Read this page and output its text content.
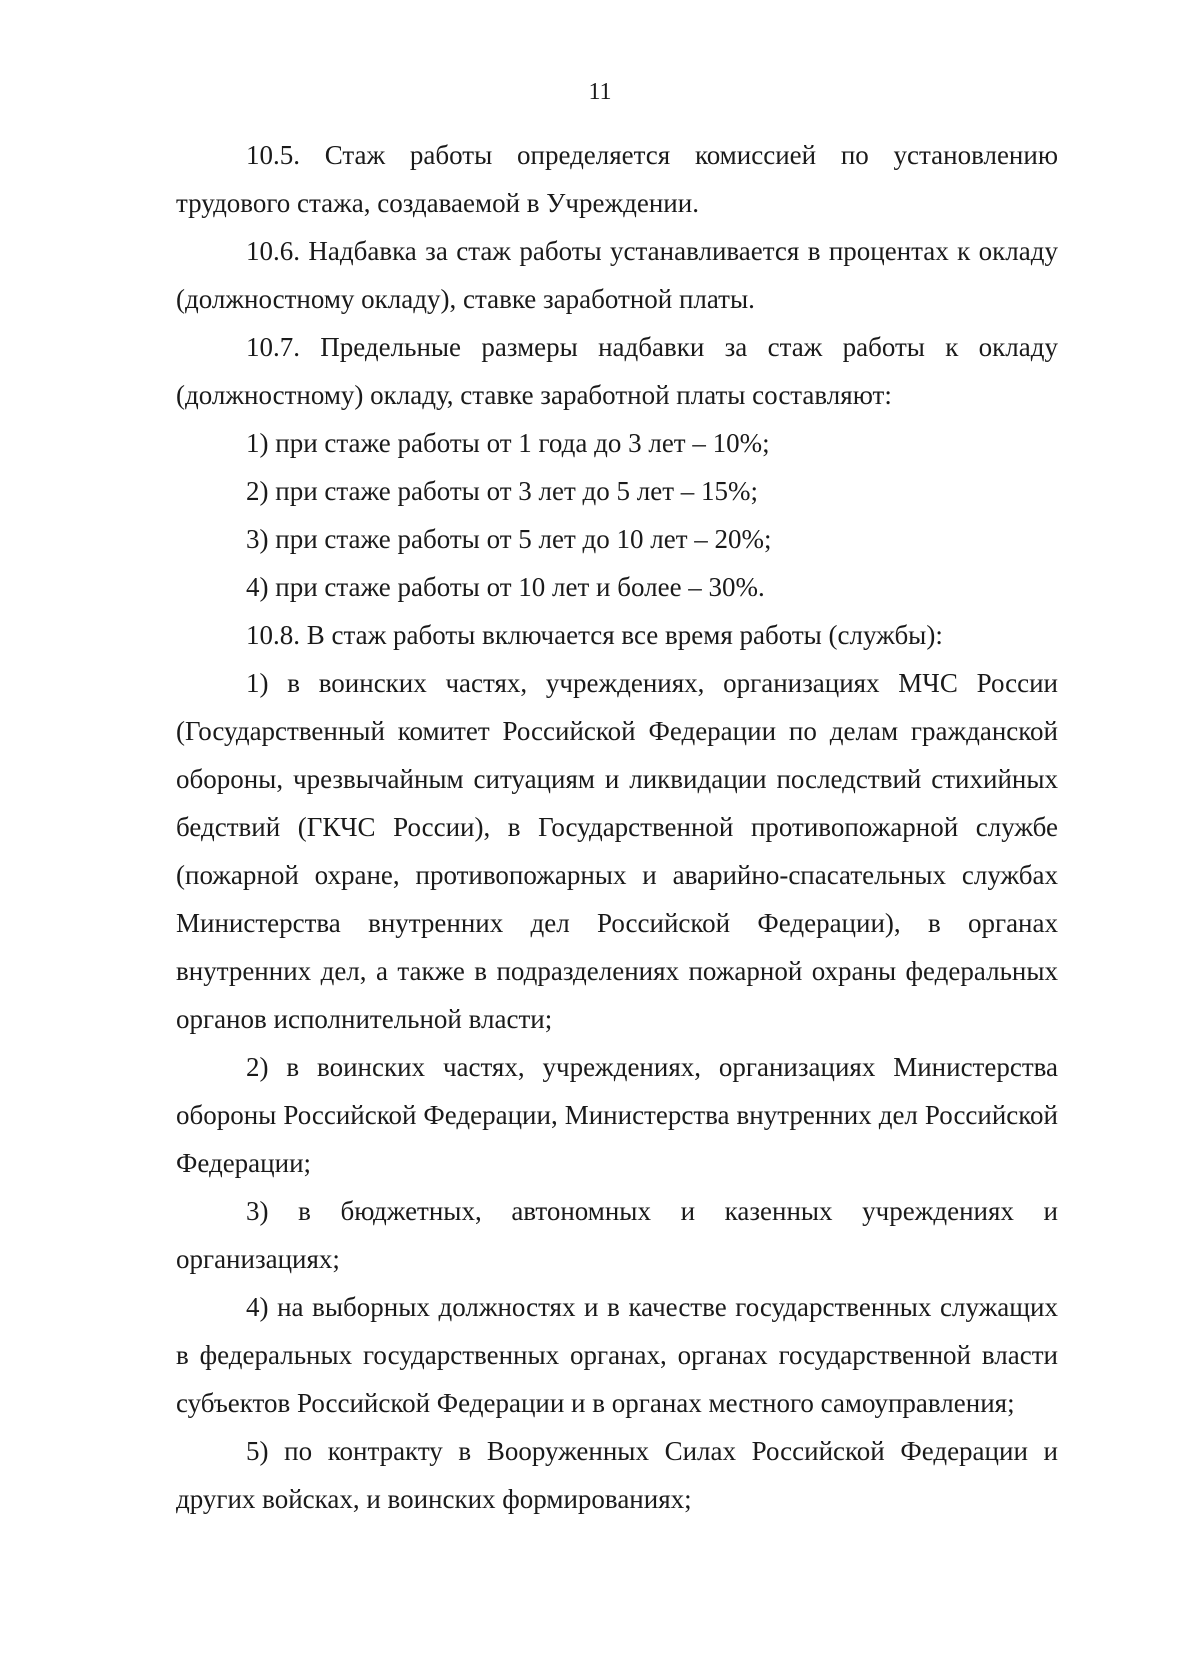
11

10.5. Стаж работы определяется комиссией по установлению трудового стажа, создаваемой в Учреждении.

10.6. Надбавка за стаж работы устанавливается в процентах к окладу (должностному окладу), ставке заработной платы.

10.7. Предельные размеры надбавки за стаж работы к окладу (должностному) окладу, ставке заработной платы составляют:

1) при стаже работы от 1 года до 3 лет – 10%;

2) при стаже работы от 3 лет до 5 лет – 15%;

3) при стаже работы от 5 лет до 10 лет – 20%;

4) при стаже работы от 10 лет и более – 30%.

10.8. В стаж работы включается все время работы (службы):

1) в воинских частях, учреждениях, организациях МЧС России (Государственный комитет Российской Федерации по делам гражданской обороны, чрезвычайным ситуациям и ликвидации последствий стихийных бедствий (ГКЧС России), в Государственной противопожарной службе (пожарной охране, противопожарных и аварийно-спасательных службах Министерства внутренних дел Российской Федерации), в органах внутренних дел, а также в подразделениях пожарной охраны федеральных органов исполнительной власти;

2) в воинских частях, учреждениях, организациях Министерства обороны Российской Федерации, Министерства внутренних дел Российской Федерации;

3) в бюджетных, автономных и казенных учреждениях и организациях;

4) на выборных должностях и в качестве государственных служащих в федеральных государственных органах, органах государственной власти субъектов Российской Федерации и в органах местного самоуправления;

5) по контракту в Вооруженных Силах Российской Федерации и других войсках, и воинских формированиях;
